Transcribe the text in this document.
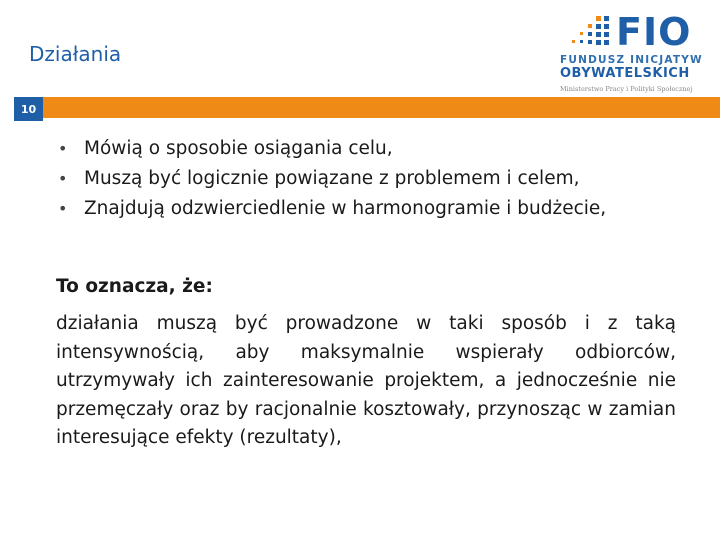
Działania	FIO
FUNDUSZ INICJATYW
OBYWATELSKICH
Ministerstwo Pracy i Polityki Społecznej
10
• Mówią o sposobie osiągania celu,
• Muszą być logicznie powiązane z problemem i celem,
• Znajdują odzwierciedlenie w harmonogramie i budżecie,
To oznacza, że:
działania muszą być prowadzone w taki sposób i z taką intensywnością, aby maksymalnie wspierały odbiorców, utrzymywały ich zainteresowanie projektem, a jednocześnie nie przemęczały oraz by racjonalnie kosztowały, przynosząc w zamian interesujące efekty (rezultaty),
